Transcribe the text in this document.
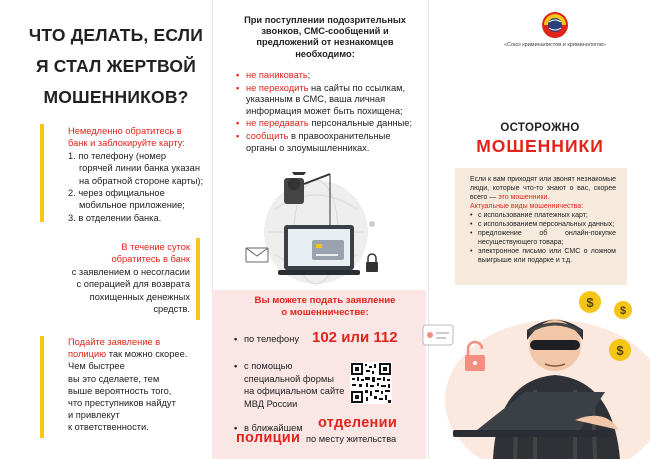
ЧТО ДЕЛАТЬ, ЕСЛИ
Я СТАЛ ЖЕРТВОЙ
МОШЕННИКОВ?
Немедленно обратитесь в
банк и заблокируйте карту:
1. по телефону (номер
горячей линии банка указан
на обратной стороне карты);
2. через официальное
мобильное приложение;
3. в отделении банка.
В течение суток
обратитесь в банк
с заявлением о несогласии
с операцией для возврата
похищенных денежных
средств.
Подайте заявление в
полицию так можно скорее.
Чем быстрее
вы это сделаете, тем
выше вероятность того,
что преступников найдут
и привлекут
к ответственности.
При поступлении подозрительных
звонков, СМС-сообщений и
предложений от незнакомцев
необходимо:
• не паниковать;
• не переходить на сайты по ссылкам, указанным в СМС, ваша личная информация может быть похищена;
• не передавать персональные данные;
• сообщить в правоохранительные органы о злоумышленниках.
Вы можете подать заявление
о мошенничестве:
• по телефону 102 или 112
• с помощью
специальной формы
на официальном сайте
МВД России
• в ближайшем отделении
полиции по месту жительства
«Союз криминалистов и криминологов»
ОСТОРОЖНО
МОШЕННИКИ
Если к вам приходят или звонят незнакомые люди, которые что-то знают о вас, скорее всего — это мошенники.
Актуальные виды мошенничества:
• с использование платежных карт;
• с использованием персональных данных;
• предложение об онлайн-покупке несуществующего товара;
• электронное письмо или СМС о ложном выигрыше или подарке и т.д.
$
$
$
